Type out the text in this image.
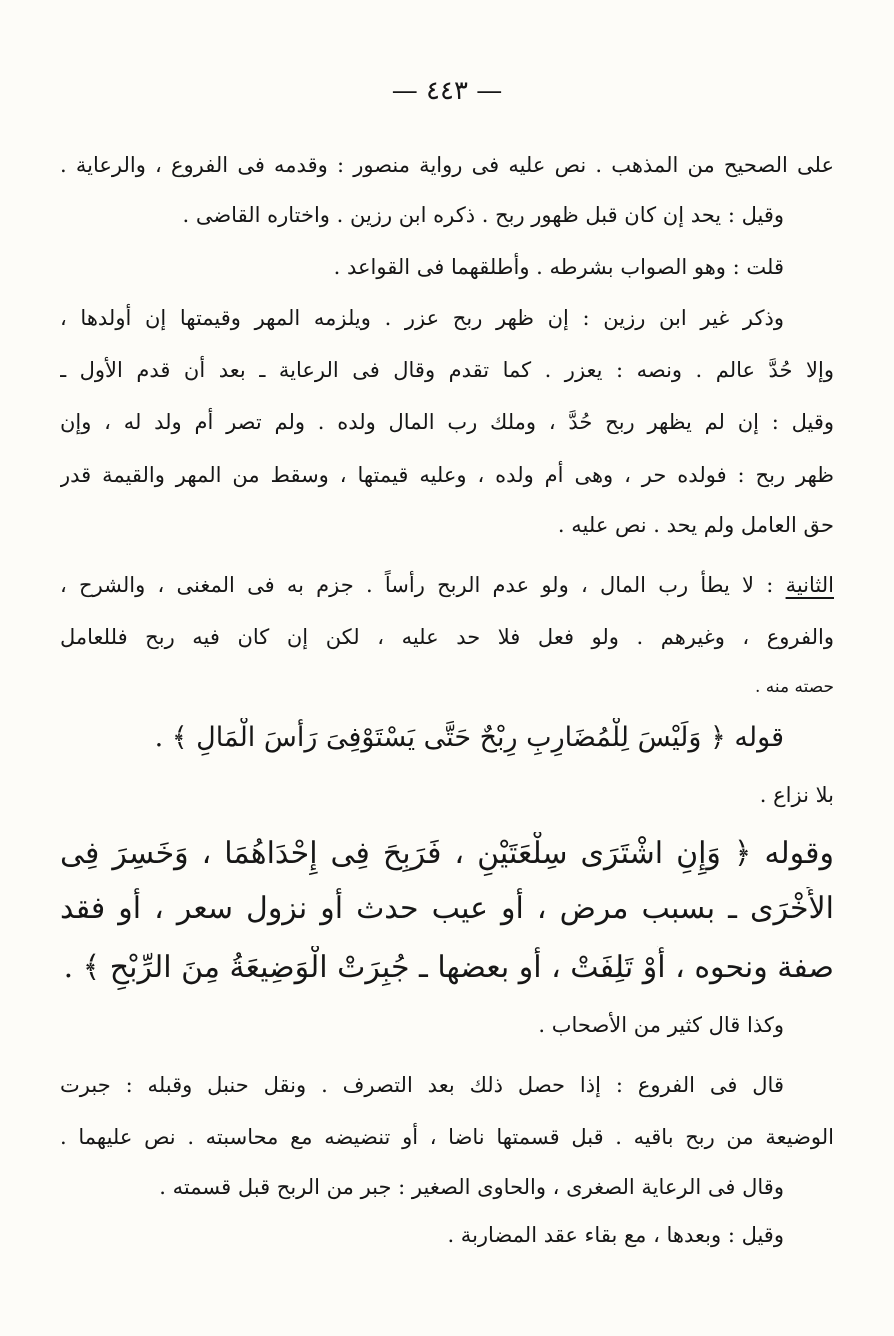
— ٤٤٣ —
على الصحيح من المذهب . نص عليه فى رواية منصور : وقدمه فى الفروع ، والرعاية .
وقيل : يحد إن كان قبل ظهور ربح . ذكره ابن رزين . واختاره القاضى .
قلت : وهو الصواب بشرطه . وأطلقهما فى القواعد .
وذكر غير ابن رزين : إن ظهر ربح عزر . ويلزمه المهر وقيمتها إن أولدها ،
وإلا حُدَّ عالم . ونصه : يعزر . كما تقدم وقال فى الرعاية ـ بعد أن قدم الأول ـ
وقيل : إن لم يظهر ربح حُدَّ ، وملك رب المال ولده . ولم تصر أم ولد له ، وإن
ظهر ربح : فولده حر ، وهى أم ولده ، وعليه قيمتها ، وسقط من المهر والقيمة قدر
حق العامل ولم يحد . نص عليه .
الثانية : لا يطأ رب المال ، ولو عدم الربح رأساً . جزم به فى المغنى ، والشرح ،
والفروع ، وغيرهم . ولو فعل فلا حد عليه ، لكن إن كان فيه ربح فللعامل
حصته منه .
قوله ﴿ وَلَيْسَ لِلْمُضَارِبِ رِبْحٌ حَتَّى يَسْتَوْفِىَ رَأْسَ الْمَالِ ﴾ .
بلا نزاع .
وقوله ﴿ وَإِنِ اشْتَرَى سِلْعَتَيْنِ ، فَرَبِحَ فِى إِحْدَاهُمَا ، وَخَسِرَ فِى
الأُخْرَى ـ بسبب مرض ، أو عيب حدث أو نزول سعر ، أو فقد
صفة ونحوه ، أَوْ تَلِفَتْ ، أو بعضها ـ جُبِرَتْ الْوَضِيعَةُ مِنَ الرِّبْحِ ﴾ .
وكذا قال كثير من الأصحاب .
قال فى الفروع : إذا حصل ذلك بعد التصرف . ونقل حنبل وقبله : جبرت
الوضيعة من ربح باقيه . قبل قسمتها ناضا ، أو تنضيضه مع محاسبته . نص عليهما .
وقال فى الرعاية الصغرى ، والحاوى الصغير : جبر من الربح قبل قسمته .
وقيل : وبعدها ، مع بقاء عقد المضاربة .
